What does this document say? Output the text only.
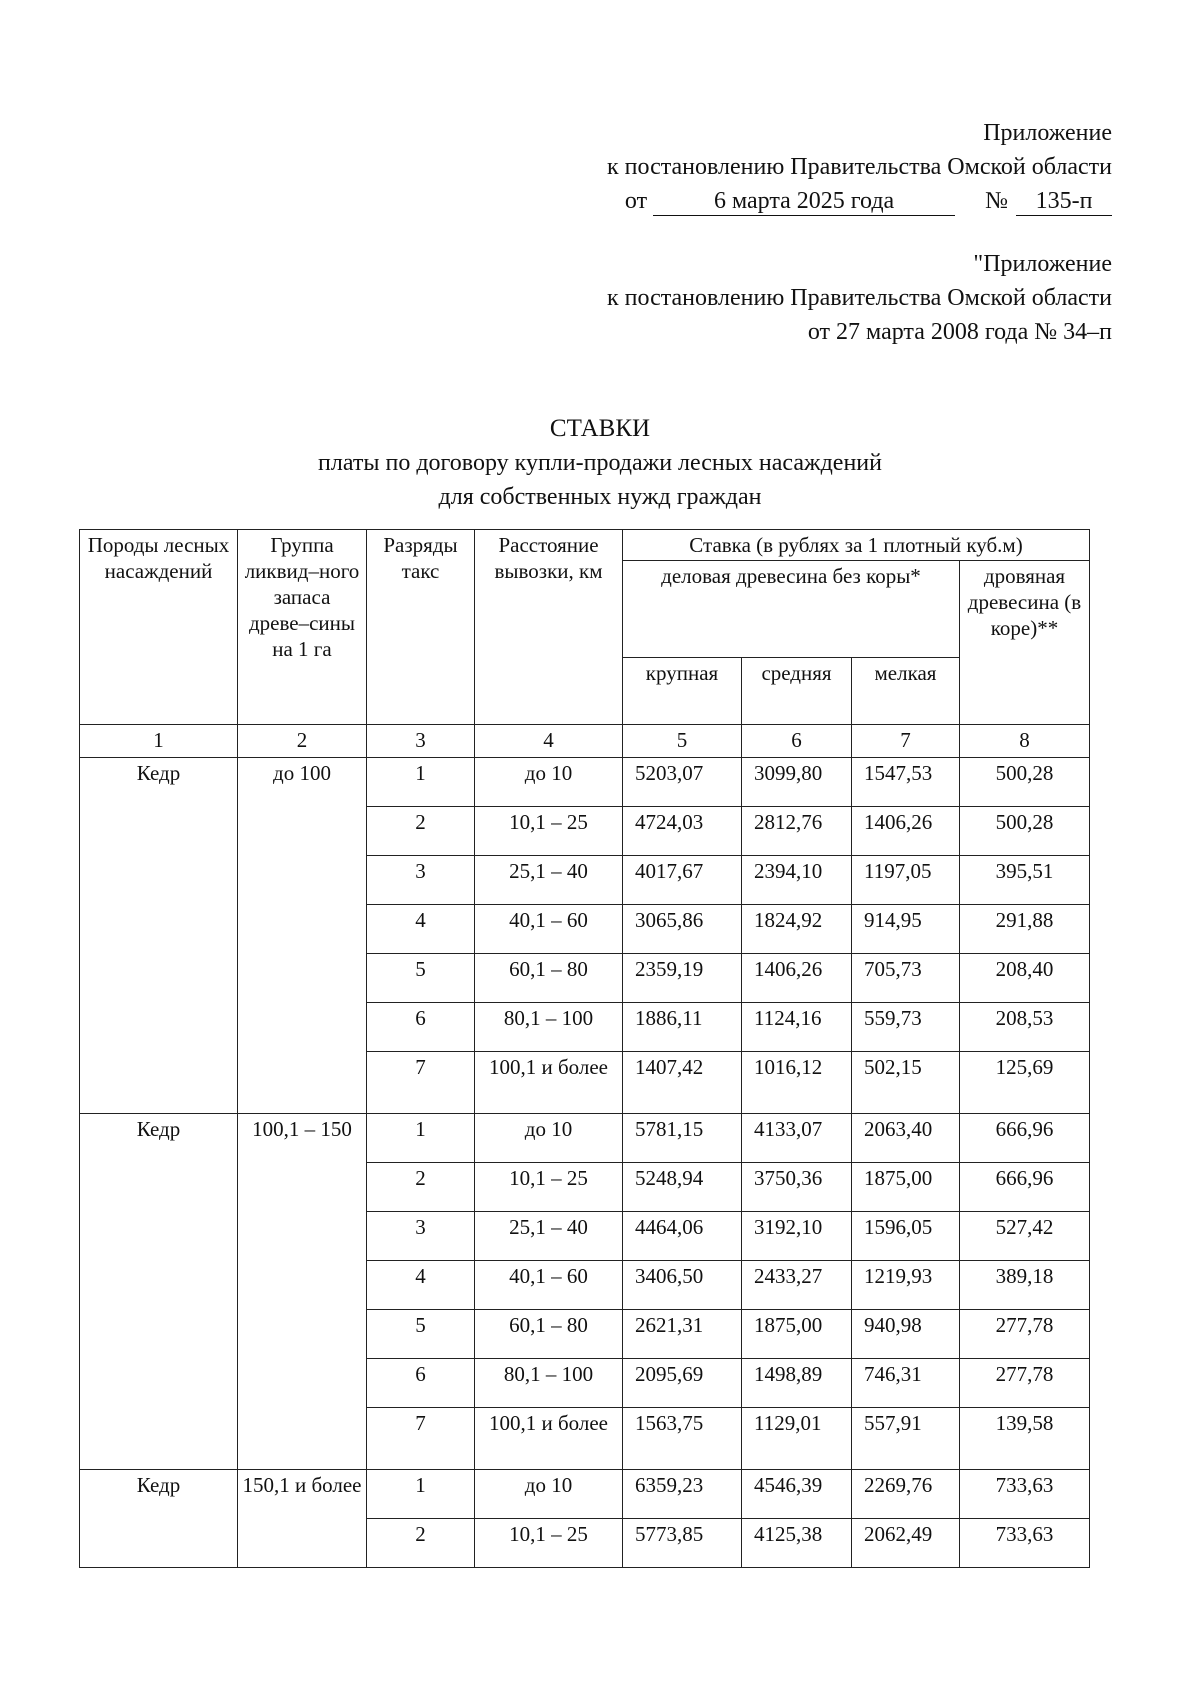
Приложение
к постановлению Правительства Омской области
от	6 марта 2025 года	№ 135-п
"Приложение
к постановлению Правительства Омской области
от 27 марта 2008 года № 34–п
СТАВКИ
платы по договору купли-продажи лесных насаждений
для собственных нужд граждан
Породы лесных насаждений	Группа ликвид–ного запаса древе–сины на 1 га	Разряды такс	Расстояние вывозки, км	Ставка (в рублях за 1 плотный куб.м)			
				деловая древесина без коры*			дровяная древесина (в коре)**
				крупная	средняя	мелкая	
1	2	3	4	5	6	7	8
Кедр	до 100	1	до 10	5203,07	3099,80	1547,53	500,28
		2	10,1 – 25	4724,03	2812,76	1406,26	500,28
		3	25,1 – 40	4017,67	2394,10	1197,05	395,51
		4	40,1 – 60	3065,86	1824,92	914,95	291,88
		5	60,1 – 80	2359,19	1406,26	705,73	208,40
		6	80,1 – 100	1886,11	1124,16	559,73	208,53
		7	100,1 и более	1407,42	1016,12	502,15	125,69
Кедр	100,1 – 150	1	до 10	5781,15	4133,07	2063,40	666,96
		2	10,1 – 25	5248,94	3750,36	1875,00	666,96
		3	25,1 – 40	4464,06	3192,10	1596,05	527,42
		4	40,1 – 60	3406,50	2433,27	1219,93	389,18
		5	60,1 – 80	2621,31	1875,00	940,98	277,78
		6	80,1 – 100	2095,69	1498,89	746,31	277,78
		7	100,1 и более	1563,75	1129,01	557,91	139,58
Кедр	150,1 и более	1	до 10	6359,23	4546,39	2269,76	733,63
		2	10,1 – 25	5773,85	4125,38	2062,49	733,63
